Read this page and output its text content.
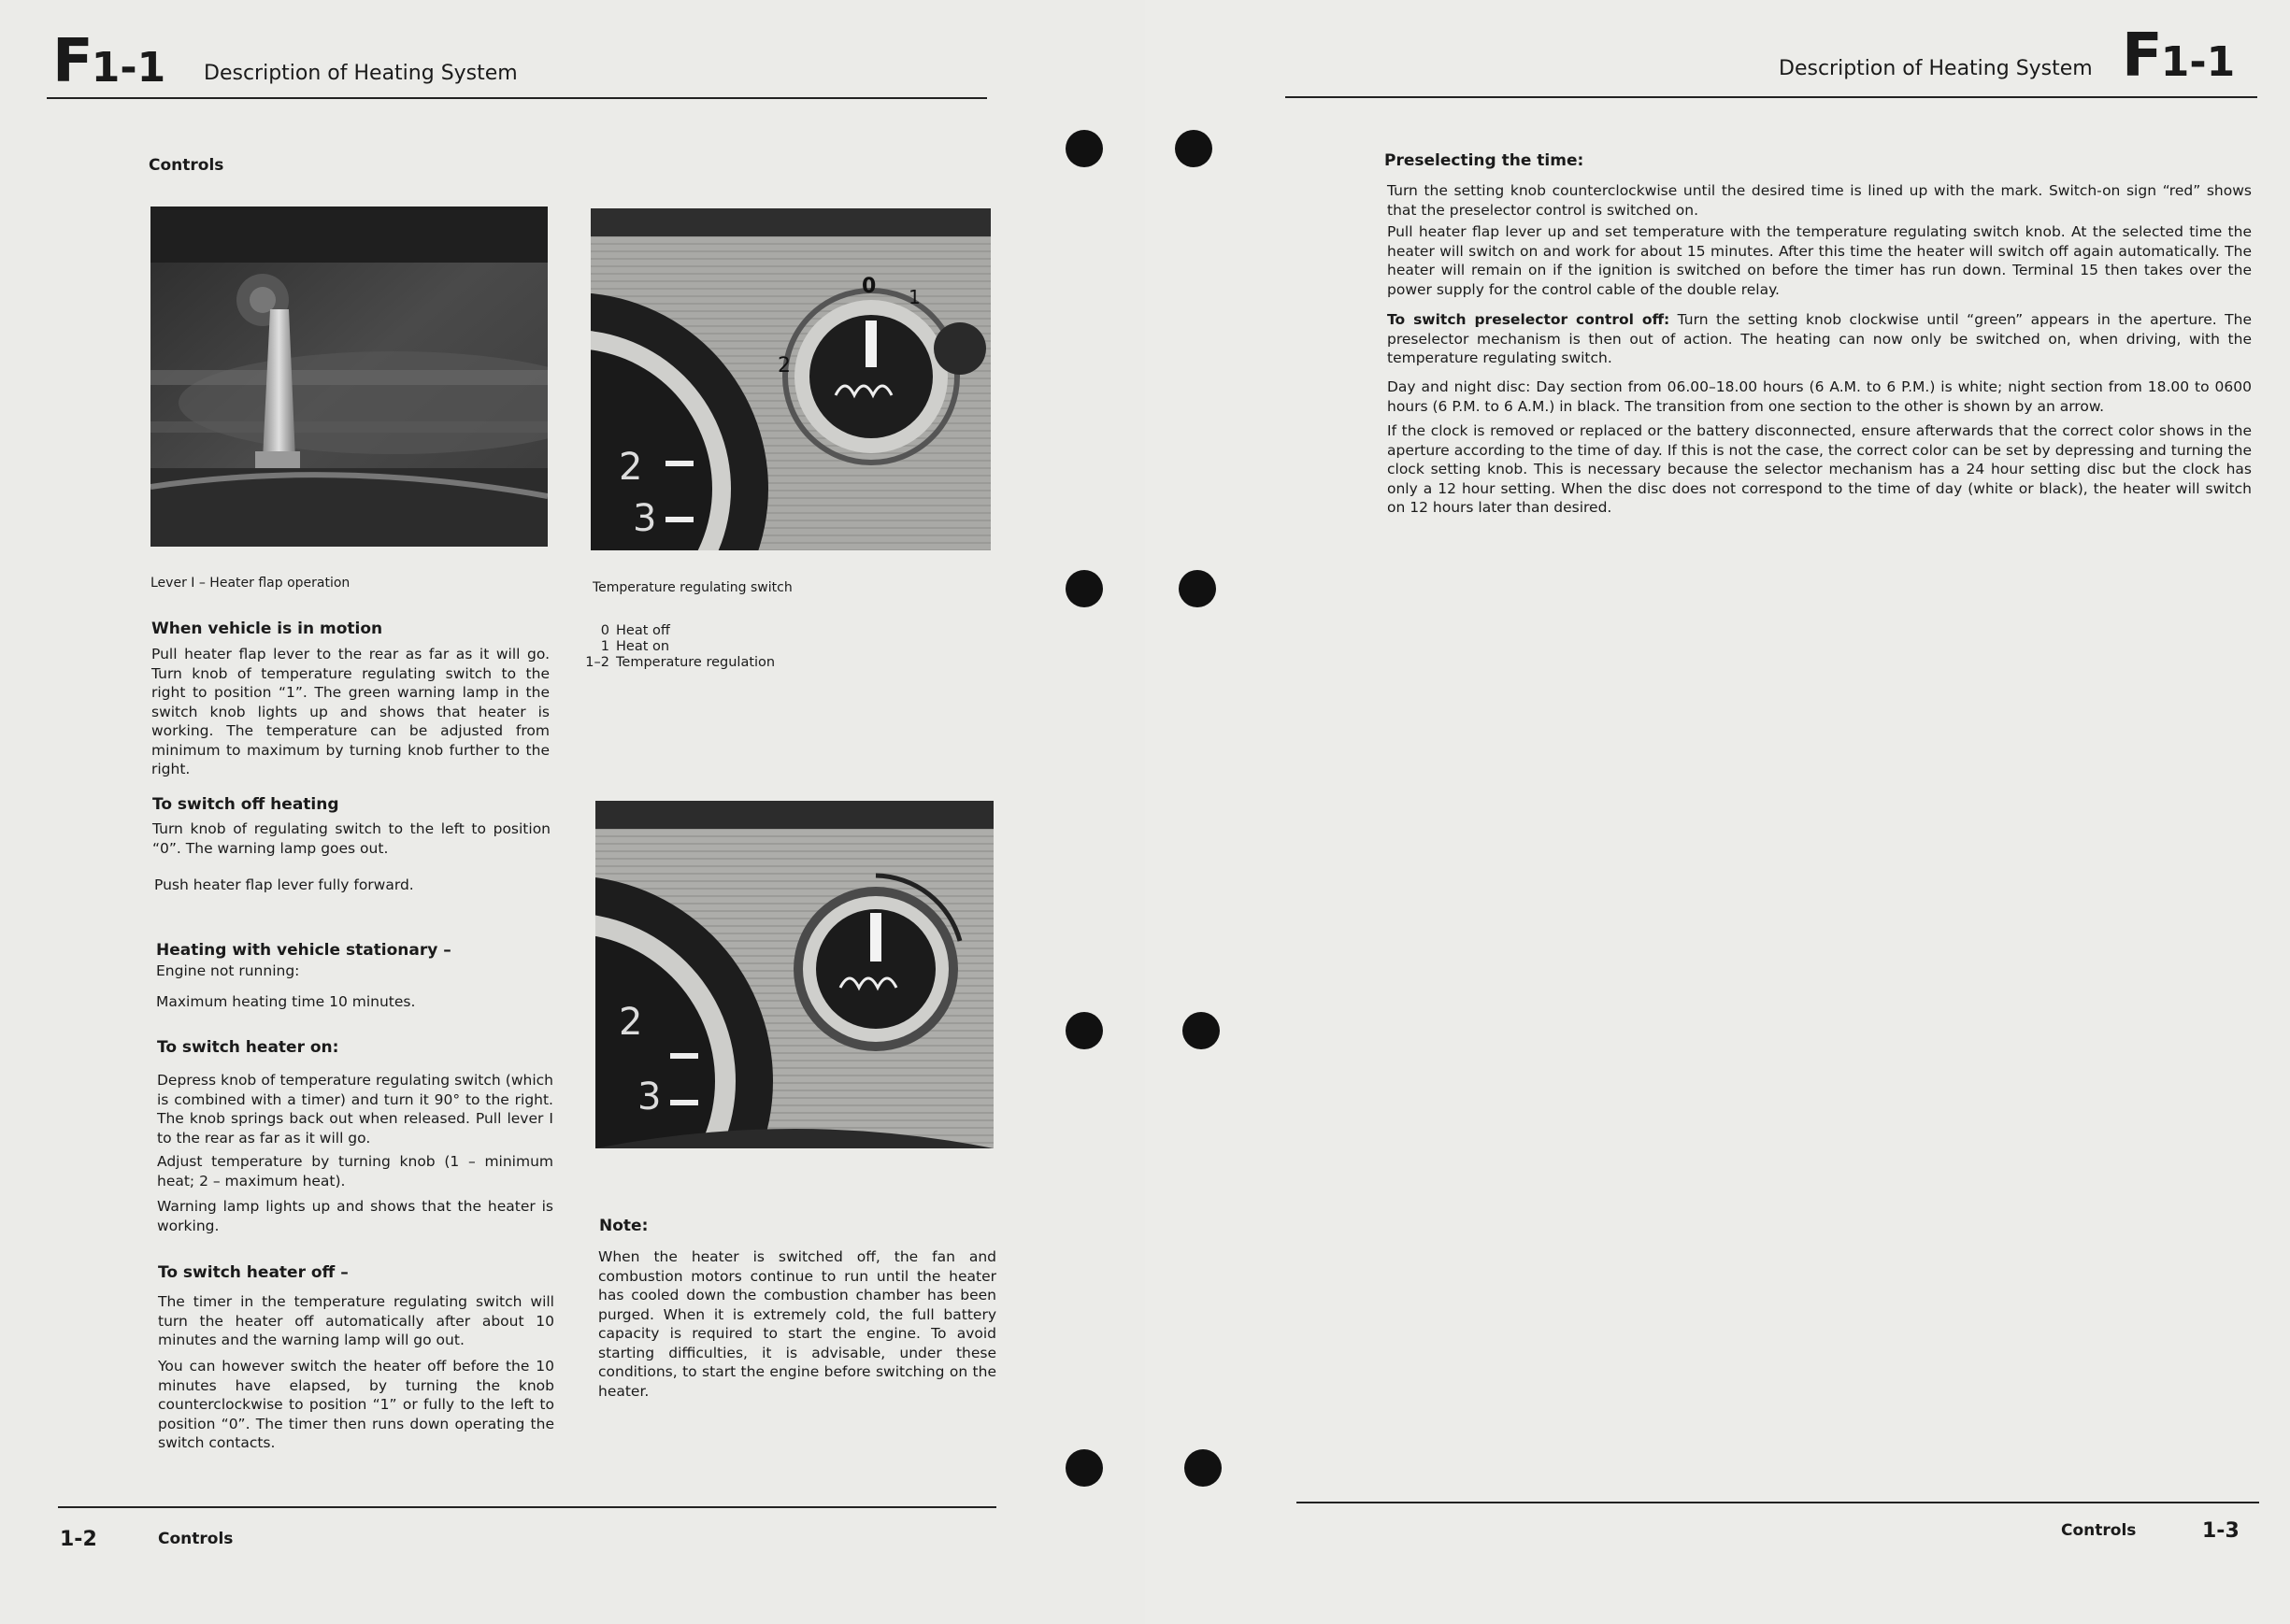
F1-1 Description of Heating System
Controls
2
3
0 1
2
Lever I – Heater flap operation	Temperature regulating switch
0 Heat off
1 Heat on
1–2 Temperature regulation
When vehicle is in motion
Pull heater flap lever to the rear as far as it will go. Turn knob of temperature regulating switch to the right to position “1”. The green warning lamp in the switch knob lights up and shows that heater is working. The temperature can be adjusted from minimum to maximum by turning knob further to the right.
To switch off heating
Turn knob of regulating switch to the left to position “0”. The warning lamp goes out.
Push heater flap lever fully forward.
Heating with vehicle stationary –
Engine not running:
Maximum heating time 10 minutes.
To switch heater on:
Depress knob of temperature regulating switch (which is combined with a timer) and turn it 90° to the right. The knob springs back out when released. Pull lever I to the rear as far as it will go.
Adjust temperature by turning knob (1 – minimum heat; 2 – maximum heat).
Warning lamp lights up and shows that the heater is working.
To switch heater off –
The timer in the temperature regulating switch will turn the heater off automatically after about 10 minutes and the warning lamp will go out.
You can however switch the heater off before the 10 minutes have elapsed, by turning the knob counterclockwise to position “1” or fully to the left to position “0”. The timer then runs down operating the switch contacts.
2
3
Note:
When the heater is switched off, the fan and combustion motors continue to run until the heater has cooled down the combustion chamber has been purged. When it is extremely cold, the full battery capacity is required to start the engine. To avoid starting difficulties, it is advisable, under these conditions, to start the engine before switching on the heater.
1-2	Controls
Description of Heating System F1-1
Preselecting the time:
Turn the setting knob counterclockwise until the desired time is lined up with the mark. Switch-on sign “red” shows that the preselector control is switched on.
Pull heater flap lever up and set temperature with the temperature regulating switch knob. At the selected time the heater will switch on and work for about 15 minutes. After this time the heater will switch off again automatically. The heater will remain on if the ignition is switched on before the timer has run down. Terminal 15 then takes over the power supply for the control cable of the double relay.
To switch preselector control off: Turn the setting knob clockwise until “green” appears in the aperture. The preselector mechanism is then out of action. The heating can now only be switched on, when driving, with the temperature regulating switch.
Day and night disc: Day section from 06.00–18.00 hours (6 A.M. to 6 P.M.) is white; night section from 18.00 to 0600 hours (6 P.M. to 6 A.M.) in black. The transition from one section to the other is shown by an arrow.
If the clock is removed or replaced or the battery disconnected, ensure afterwards that the correct color shows in the aperture according to the time of day. If this is not the case, the correct color can be set by depressing and turning the clock setting knob. This is necessary because the selector mechanism has a 24 hour setting disc but the clock has only a 12 hour setting. When the disc does not correspond to the time of day (white or black), the heater will switch on 12 hours later than desired.
Controls	1-3
